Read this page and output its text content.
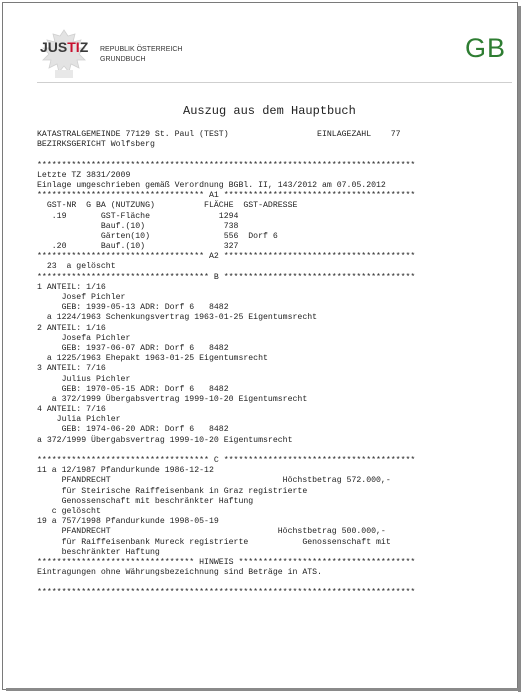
JUSTIZ REPUBLIK ÖSTERREICH
GRUNDBUCH	GB
Auszug aus dem Hauptbuch
KATASTRALGEMEINDE 77129 St. Paul (TEST)                  EINLAGEZAHL    77
BEZIRKSGERICHT Wolfsberg
*****************************************************************************
Letzte TZ 3831/2009
Einlage umgeschrieben gemäß Verordnung BGBl. II, 143/2012 am 07.05.2012
********************************** A1 ***************************************
GST-NR  G BA (NUTZUNG)          FLÄCHE  GST-ADRESSE
.19       GST-Fläche              1294
Bauf.(10)                738
Gärten(10)               556  Dorf 6
.20       Bauf.(10)                327
********************************** A2 ***************************************
23  a gelöscht
*********************************** B ***************************************
1 ANTEIL: 1/16
Josef Pichler
GEB: 1939-05-13 ADR: Dorf 6   8482
a 1224/1963 Schenkungsvertrag 1963-01-25 Eigentumsrecht
2 ANTEIL: 1/16
Josefa Pichler
GEB: 1937-06-07 ADR: Dorf 6   8482
a 1225/1963 Ehepakt 1963-01-25 Eigentumsrecht
3 ANTEIL: 7/16
Julius Pichler
GEB: 1970-05-15 ADR: Dorf 6   8482
a 372/1999 Übergabsvertrag 1999-10-20 Eigentumsrecht
4 ANTEIL: 7/16
Julia Pichler
GEB: 1974-06-20 ADR: Dorf 6   8482
a 372/1999 Übergabsvertrag 1999-10-20 Eigentumsrecht
*********************************** C ***************************************
11 a 12/1987 Pfandurkunde 1986-12-12
PFANDRECHT                                   Höchstbetrag 572.000,-
für Steirische Raiffeisenbank in Graz registrierte
Genossenschaft mit beschränkter Haftung
c gelöscht
19 a 757/1998 Pfandurkunde 1998-05-19
PFANDRECHT                                  Höchstbetrag 500.000,-
für Raiffeisenbank Mureck registrierte           Genossenschaft mit
beschränkter Haftung
******************************** HINWEIS ************************************
Eintragungen ohne Währungsbezeichnung sind Beträge in ATS.
*****************************************************************************
